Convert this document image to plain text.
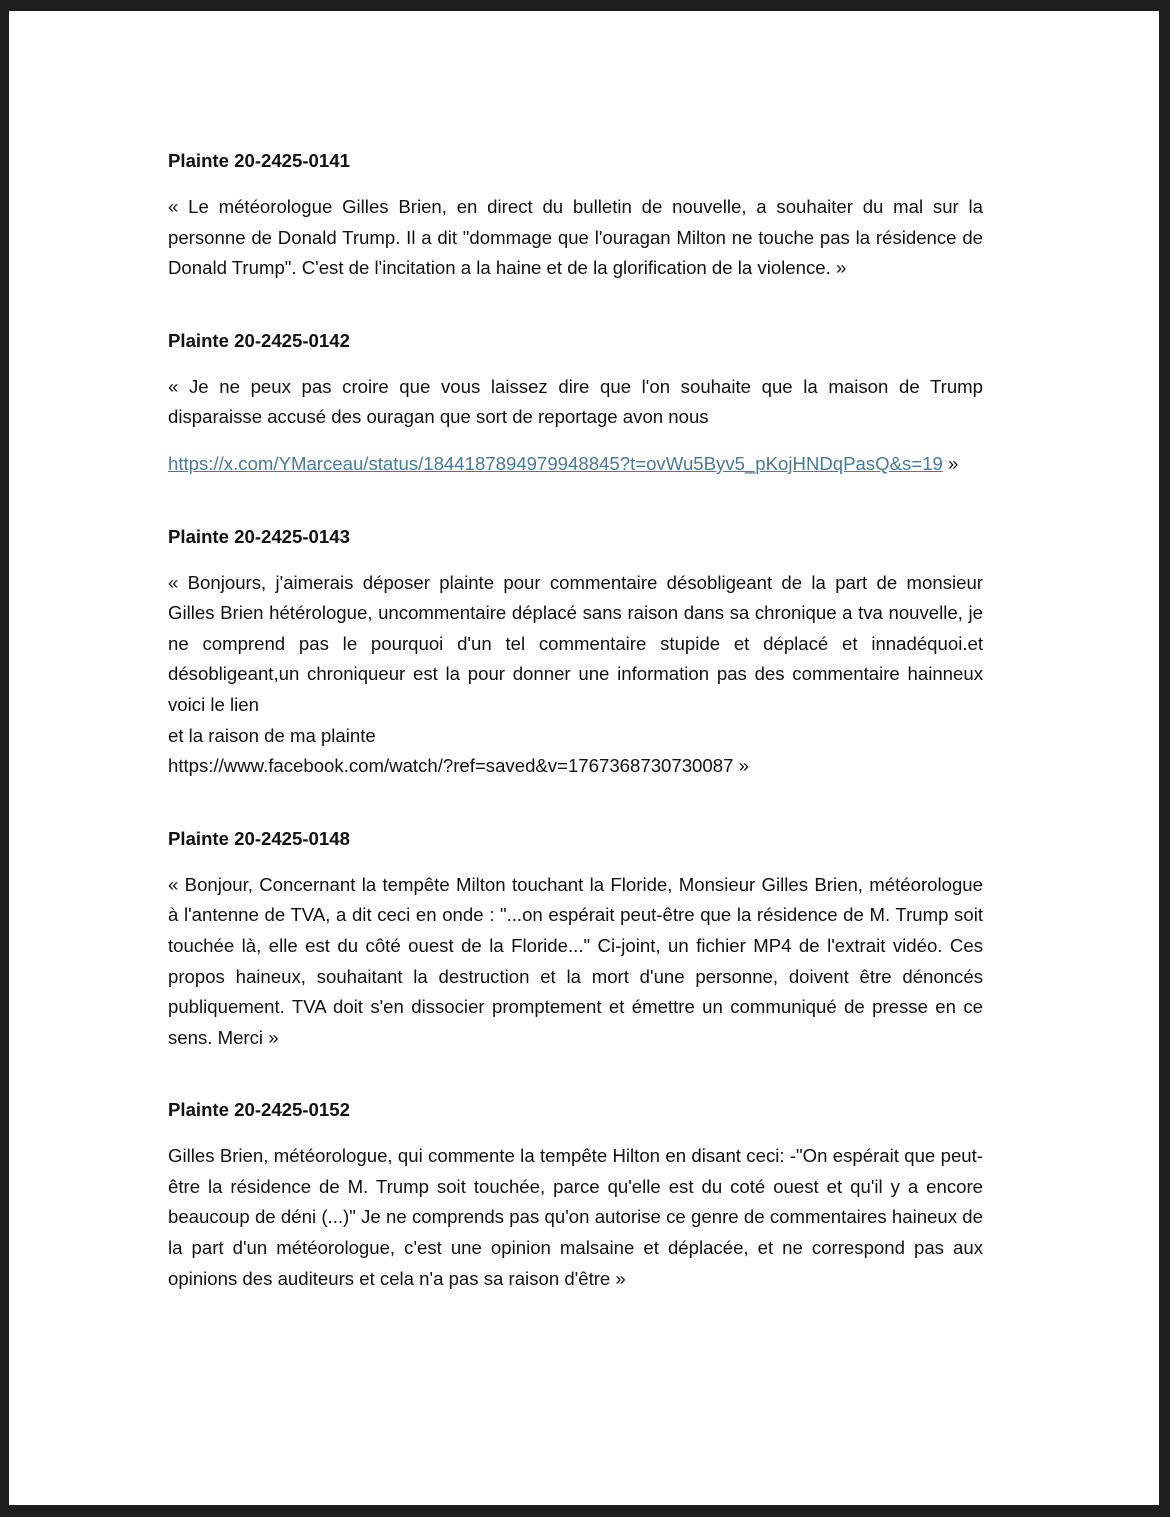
Plainte 20-2425-0141

« Le météorologue Gilles Brien, en direct du bulletin de nouvelle, a souhaiter du mal sur la personne de Donald Trump. Il a dit "dommage que l'ouragan Milton ne touche pas la résidence de Donald Trump". C'est de l'incitation a la haine et de la glorification de la violence. »

Plainte 20-2425-0142

« Je ne peux pas croire que vous laissez dire que l'on souhaite que la maison de Trump disparaisse accusé des ouragan que sort de reportage avon nous

https://x.com/YMarceau/status/1844187894979948845?t=ovWu5Byv5_pKojHNDqPasQ&s=19 »

Plainte 20-2425-0143

« Bonjours, j'aimerais déposer plainte pour commentaire désobligeant de la part de monsieur Gilles Brien hétérologue, uncommentaire déplacé sans raison dans sa chronique a tva nouvelle, je ne comprend pas le pourquoi d'un tel commentaire stupide et déplacé et innadéquoi.et désobligeant,un chroniqueur est la pour donner une information pas des commentaire hainneux voici le lien
et la raison de ma plainte
https://www.facebook.com/watch/?ref=saved&v=1767368730730087 »

Plainte 20-2425-0148

« Bonjour, Concernant la tempête Milton touchant la Floride, Monsieur Gilles Brien, météorologue à l'antenne de TVA, a dit ceci en onde : "...on espérait peut-être que la résidence de M. Trump soit touchée là, elle est du côté ouest de la Floride..." Ci-joint, un fichier MP4 de l'extrait vidéo. Ces propos haineux, souhaitant la destruction et la mort d'une personne, doivent être dénoncés publiquement. TVA doit s'en dissocier promptement et émettre un communiqué de presse en ce sens. Merci »

Plainte 20-2425-0152

Gilles Brien, météorologue, qui commente la tempête Hilton en disant ceci: -"On espérait que peut-être la résidence de M. Trump soit touchée, parce qu'elle est du coté ouest et qu'il y a encore beaucoup de déni (...)" Je ne comprends pas qu'on autorise ce genre de commentaires haineux de la part d'un météorologue, c'est une opinion malsaine et déplacée, et ne correspond pas aux opinions des auditeurs et cela n'a pas sa raison d'être »
